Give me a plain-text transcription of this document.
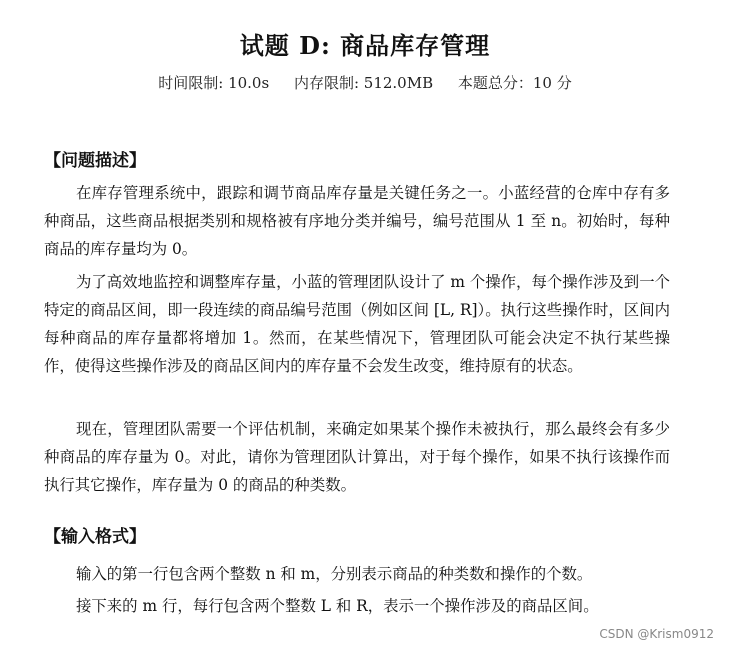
试题 D: 商品库存管理
时间限制: 10.0s 内存限制: 512.0MB 本题总分：10 分
【问题描述】

在库存管理系统中，跟踪和调节商品库存量是关键任务之一。小蓝经营的仓库中存有多种商品，这些商品根据类别和规格被有序地分类并编号，编号范围从 1 至 n。初始时，每种商品的库存量均为 0。

为了高效地监控和调整库存量，小蓝的管理团队设计了 m 个操作，每个操作涉及到一个特定的商品区间，即一段连续的商品编号范围（例如区间 [L, R]）。执行这些操作时，区间内每种商品的库存量都将增加 1。然而，在某些情况下，管理团队可能会决定不执行某些操作，使得这些操作涉及的商品区间内的库存量不会发生改变，维持原有的状态。

现在，管理团队需要一个评估机制，来确定如果某个操作未被执行，那么最终会有多少种商品的库存量为 0。对此，请你为管理团队计算出，对于每个操作，如果不执行该操作而执行其它操作，库存量为 0 的商品的种类数。

【输入格式】

输入的第一行包含两个整数 n 和 m，分别表示商品的种类数和操作的个数。

接下来的 m 行，每行包含两个整数 L 和 R，表示一个操作涉及的商品区间。

CSDN @Krism0912
